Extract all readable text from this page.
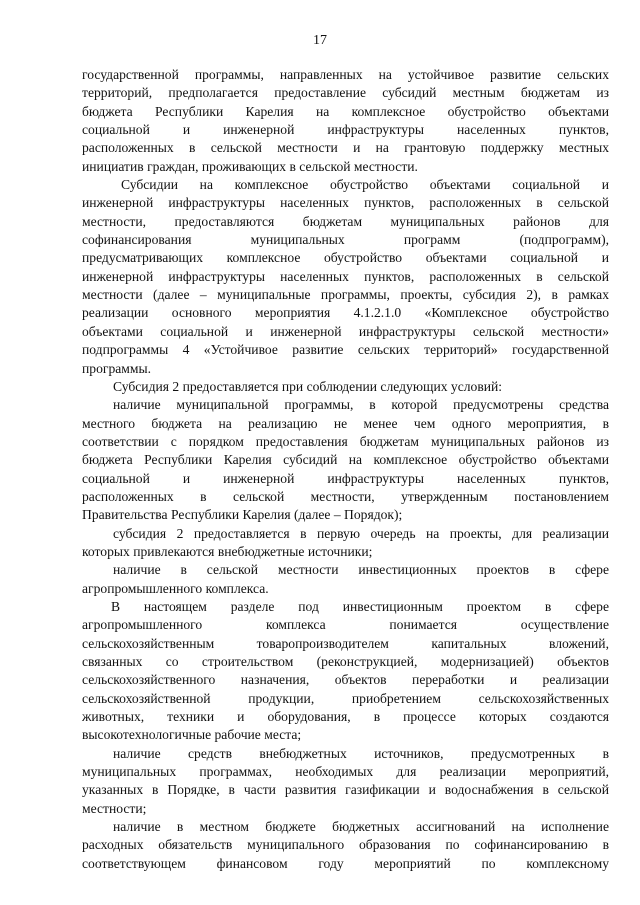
17

государственной программы, направленных на устойчивое развитие сельских
территорий, предполагается предоставление субсидий местным бюджетам из
бюджета Республики Карелия на комплексное обустройство объектами
социальной и инженерной инфраструктуры населенных пунктов,
расположенных в сельской местности и на грантовую поддержку местных
инициатив граждан, проживающих в сельской местности.

Субсидии на комплексное обустройство объектами социальной и
инженерной инфраструктуры населенных пунктов, расположенных в сельской
местности, предоставляются бюджетам муниципальных районов для
софинансирования муниципальных программ (подпрограмм),
предусматривающих комплексное обустройство объектами социальной и
инженерной инфраструктуры населенных пунктов, расположенных в сельской
местности (далее – муниципальные программы, проекты, субсидия 2), в рамках
реализации основного мероприятия 4.1.2.1.0 «Комплексное обустройство
объектами социальной и инженерной инфраструктуры сельской местности»
подпрограммы 4 «Устойчивое развитие сельских территорий» государственной
программы.

Субсидия 2 предоставляется при соблюдении следующих условий:

наличие муниципальной программы, в которой предусмотрены средства
местного бюджета на реализацию не менее чем одного мероприятия, в
соответствии с порядком предоставления бюджетам муниципальных районов из
бюджета Республики Карелия субсидий на комплексное обустройство объектами
социальной и инженерной инфраструктуры населенных пунктов,
расположенных в сельской местности, утвержденным постановлением
Правительства Республики Карелия (далее – Порядок);

субсидия 2 предоставляется в первую очередь на проекты, для реализации
которых привлекаются внебюджетные источники;

наличие в сельской местности инвестиционных проектов в сфере
агропромышленного комплекса.

В настоящем разделе под инвестиционным проектом в сфере
агропромышленного комплекса понимается осуществление
сельскохозяйственным товаропроизводителем капитальных вложений,
связанных со строительством (реконструкцией, модернизацией) объектов
сельскохозяйственного назначения, объектов переработки и реализации
сельскохозяйственной продукции, приобретением сельскохозяйственных
животных, техники и оборудования, в процессе которых создаются
высокотехнологичные рабочие места;

наличие средств внебюджетных источников, предусмотренных в
муниципальных программах, необходимых для реализации мероприятий,
указанных в Порядке, в части развития газификации и водоснабжения в сельской
местности;

наличие в местном бюджете бюджетных ассигнований на исполнение
расходных обязательств муниципального образования по софинансированию в
соответствующем финансовом году мероприятий по комплексному
